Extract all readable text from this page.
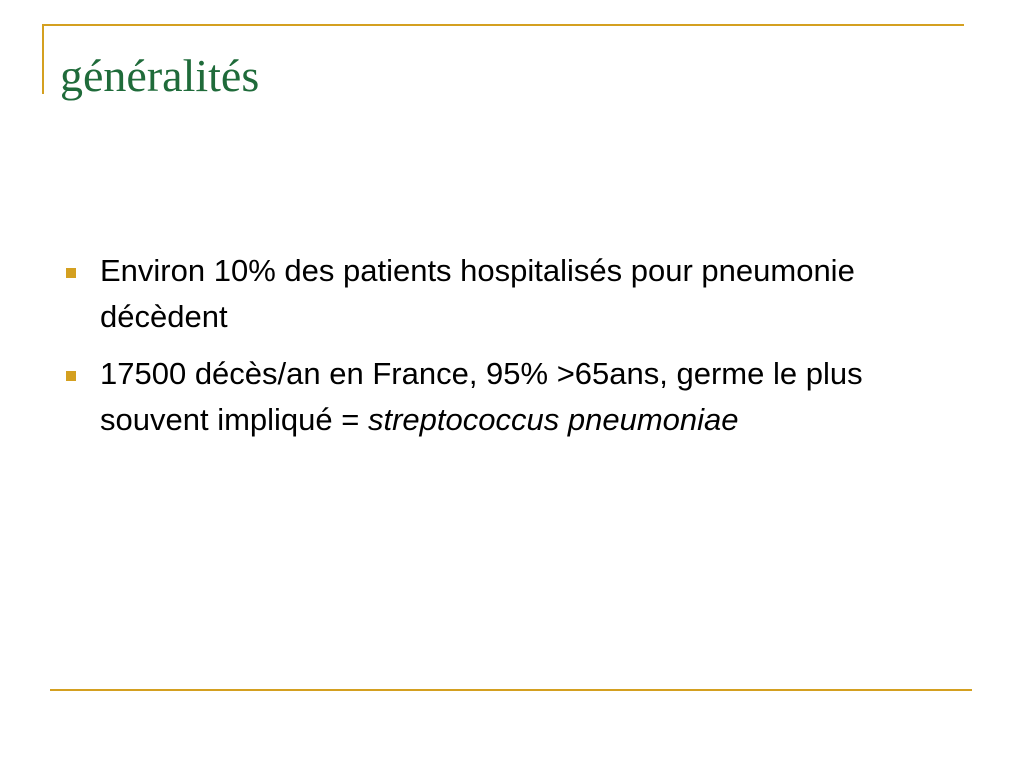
généralités
Environ 10% des patients hospitalisés pour pneumonie décèdent
17500 décès/an en France, 95% >65ans, germe le plus souvent impliqué = streptococcus pneumoniae
